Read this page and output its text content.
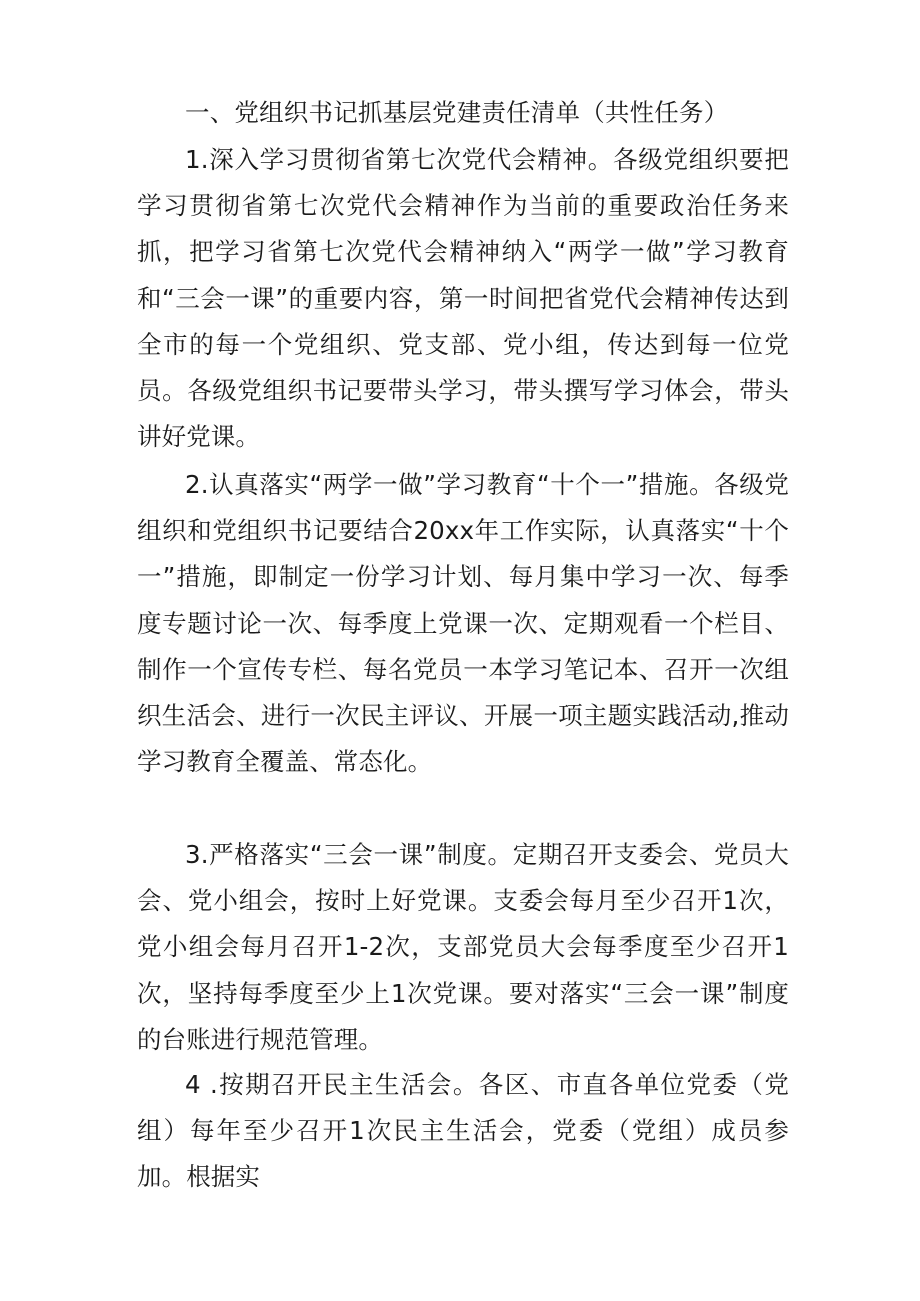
一、党组织书记抓基层党建责任清单（共性任务）

1.深入学习贯彻省第七次党代会精神。各级党组织要把学习贯彻省第七次党代会精神作为当前的重要政治任务来抓，把学习省第七次党代会精神纳入“两学一做”学习教育和“三会一课”的重要内容，第一时间把省党代会精神传达到全市的每一个党组织、党支部、党小组，传达到每一位党员。各级党组织书记要带头学习，带头撰写学习体会，带头讲好党课。

2.认真落实“两学一做”学习教育“十个一”措施。各级党组织和党组织书记要结合20xx年工作实际，认真落实“十个一”措施，即制定一份学习计划、每月集中学习一次、每季度专题讨论一次、每季度上党课一次、定期观看一个栏目、制作一个宣传专栏、每名党员一本学习笔记本、召开一次组织生活会、进行一次民主评议、开展一项主题实践活动,推动学习教育全覆盖、常态化。

3.严格落实“三会一课”制度。定期召开支委会、党员大会、党小组会，按时上好党课。支委会每月至少召开1次，党小组会每月召开1-2次，支部党员大会每季度至少召开1次，坚持每季度至少上1次党课。要对落实“三会一课”制度的台账进行规范管理。

4 .按期召开民主生活会。各区、市直各单位党委（党组）每年至少召开1次民主生活会，党委（党组）成员参加。根据实
